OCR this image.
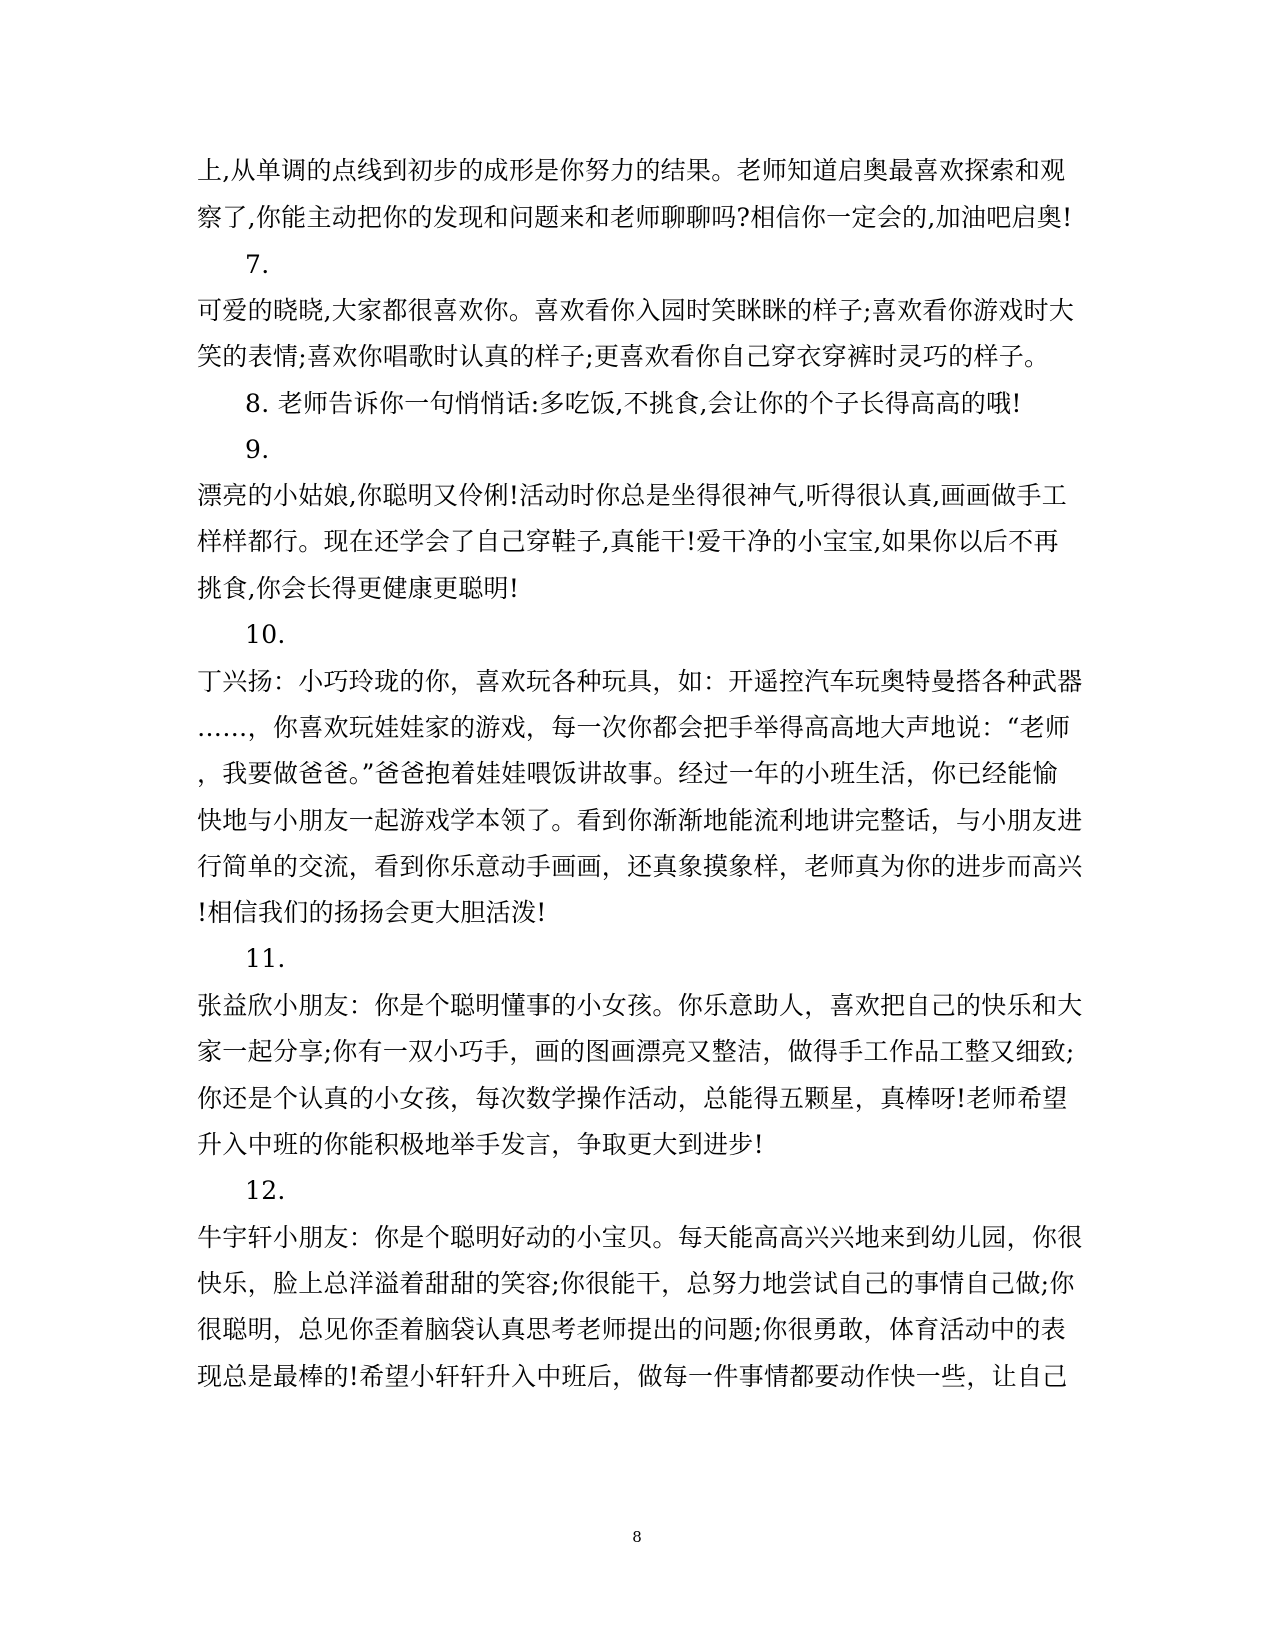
上,从单调的点线到初步的成形是你努力的结果。老师知道启奥最喜欢探索和观
察了,你能主动把你的发现和问题来和老师聊聊吗?相信你一定会的,加油吧启奥!
7.
可爱的晓晓,大家都很喜欢你。喜欢看你入园时笑眯眯的样子;喜欢看你游戏时大
笑的表情;喜欢你唱歌时认真的样子;更喜欢看你自己穿衣穿裤时灵巧的样子。
8. 老师告诉你一句悄悄话:多吃饭,不挑食,会让你的个子长得高高的哦!
9.
漂亮的小姑娘,你聪明又伶俐!活动时你总是坐得很神气,听得很认真,画画做手工
样样都行。现在还学会了自己穿鞋子,真能干!爱干净的小宝宝,如果你以后不再
挑食,你会长得更健康更聪明!
10.
丁兴扬：小巧玲珑的你，喜欢玩各种玩具，如：开遥控汽车玩奥特曼搭各种武器
……，你喜欢玩娃娃家的游戏，每一次你都会把手举得高高地大声地说：“老师
，我要做爸爸。”爸爸抱着娃娃喂饭讲故事。经过一年的小班生活，你已经能愉
快地与小朋友一起游戏学本领了。看到你渐渐地能流利地讲完整话，与小朋友进
行简单的交流，看到你乐意动手画画，还真象摸象样，老师真为你的进步而高兴
!相信我们的扬扬会更大胆活泼!
11.
张益欣小朋友：你是个聪明懂事的小女孩。你乐意助人，喜欢把自己的快乐和大
家一起分享;你有一双小巧手，画的图画漂亮又整洁，做得手工作品工整又细致;
你还是个认真的小女孩，每次数学操作活动，总能得五颗星，真棒呀!老师希望
升入中班的你能积极地举手发言，争取更大到进步!
12.
牛宇轩小朋友：你是个聪明好动的小宝贝。每天能高高兴兴地来到幼儿园，你很
快乐，脸上总洋溢着甜甜的笑容;你很能干，总努力地尝试自己的事情自己做;你
很聪明，总见你歪着脑袋认真思考老师提出的问题;你很勇敢，体育活动中的表
现总是最棒的!希望小轩轩升入中班后，做每一件事情都要动作快一些，让自己
8
